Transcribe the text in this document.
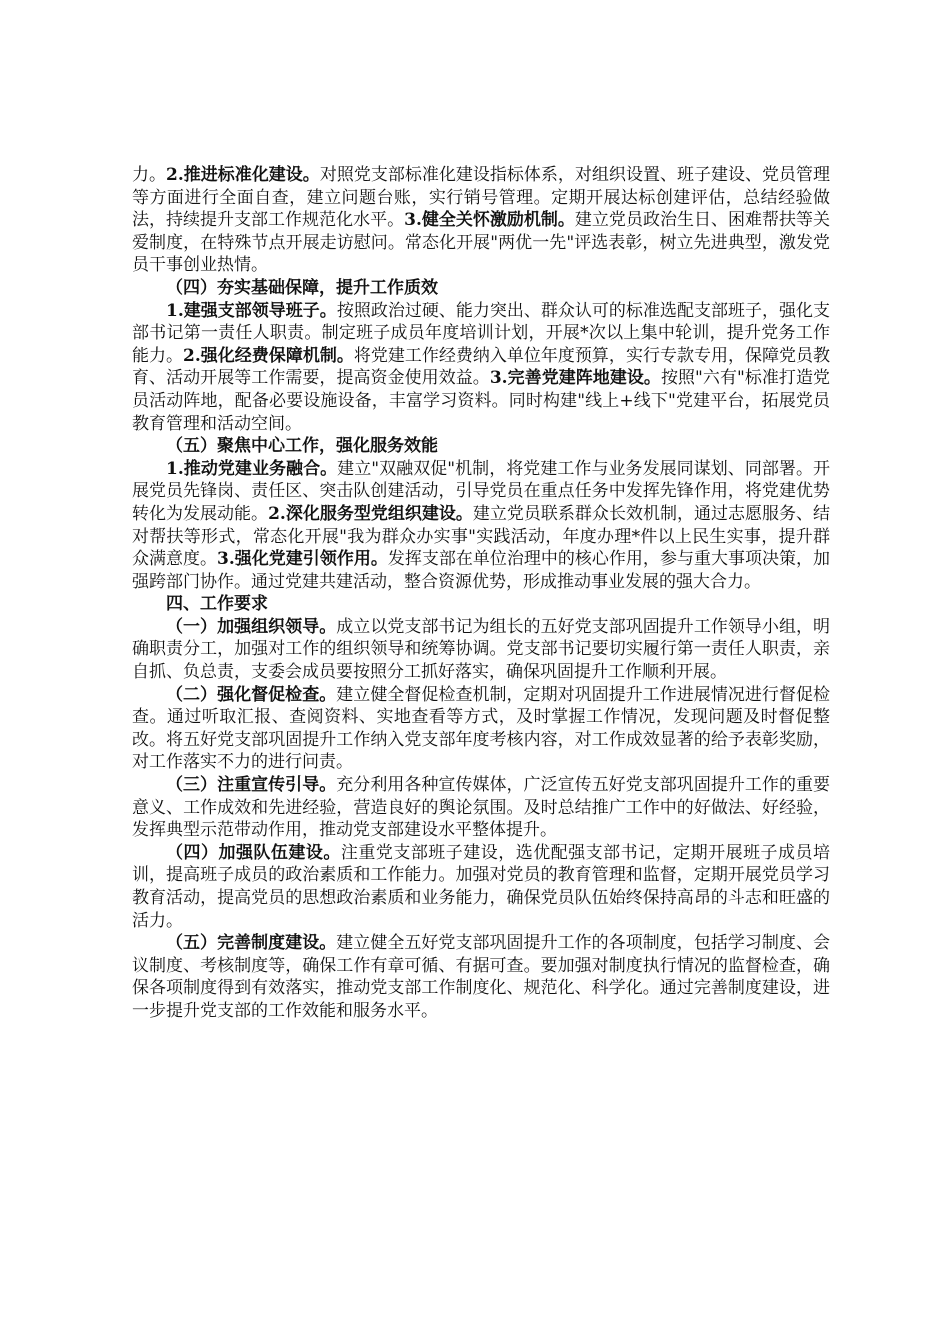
力。2.推进标准化建设。对照党支部标准化建设指标体系，对组织设置、班子建设、党员管理等方面进行全面自查，建立问题台账，实行销号管理。定期开展达标创建评估，总结经验做法，持续提升支部工作规范化水平。3.健全关怀激励机制。建立党员政治生日、困难帮扶等关爱制度，在特殊节点开展走访慰问。常态化开展"两优一先"评选表彰，树立先进典型，激发党员干事创业热情。

（四）夯实基础保障，提升工作质效

1.建强支部领导班子。按照政治过硬、能力突出、群众认可的标准选配支部班子，强化支部书记第一责任人职责。制定班子成员年度培训计划，开展*次以上集中轮训，提升党务工作能力。2.强化经费保障机制。将党建工作经费纳入单位年度预算，实行专款专用，保障党员教育、活动开展等工作需要，提高资金使用效益。3.完善党建阵地建设。按照"六有"标准打造党员活动阵地，配备必要设施设备，丰富学习资料。同时构建"线上+线下"党建平台，拓展党员教育管理和活动空间。

（五）聚焦中心工作，强化服务效能

1.推动党建业务融合。建立"双融双促"机制，将党建工作与业务发展同谋划、同部署。开展党员先锋岗、责任区、突击队创建活动，引导党员在重点任务中发挥先锋作用，将党建优势转化为发展动能。2.深化服务型党组织建设。建立党员联系群众长效机制，通过志愿服务、结对帮扶等形式，常态化开展"我为群众办实事"实践活动，年度办理*件以上民生实事，提升群众满意度。3.强化党建引领作用。发挥支部在单位治理中的核心作用，参与重大事项决策，加强跨部门协作。通过党建共建活动，整合资源优势，形成推动事业发展的强大合力。

四、工作要求

（一）加强组织领导。成立以党支部书记为组长的五好党支部巩固提升工作领导小组，明确职责分工，加强对工作的组织领导和统筹协调。党支部书记要切实履行第一责任人职责，亲自抓、负总责，支委会成员要按照分工抓好落实，确保巩固提升工作顺利开展。

（二）强化督促检查。建立健全督促检查机制，定期对巩固提升工作进展情况进行督促检查。通过听取汇报、查阅资料、实地查看等方式，及时掌握工作情况，发现问题及时督促整改。将五好党支部巩固提升工作纳入党支部年度考核内容，对工作成效显著的给予表彰奖励，对工作落实不力的进行问责。

（三）注重宣传引导。充分利用各种宣传媒体，广泛宣传五好党支部巩固提升工作的重要意义、工作成效和先进经验，营造良好的舆论氛围。及时总结推广工作中的好做法、好经验，发挥典型示范带动作用，推动党支部建设水平整体提升。

（四）加强队伍建设。注重党支部班子建设，选优配强支部书记，定期开展班子成员培训，提高班子成员的政治素质和工作能力。加强对党员的教育管理和监督，定期开展党员学习教育活动，提高党员的思想政治素质和业务能力，确保党员队伍始终保持高昂的斗志和旺盛的活力。

（五）完善制度建设。建立健全五好党支部巩固提升工作的各项制度，包括学习制度、会议制度、考核制度等，确保工作有章可循、有据可查。要加强对制度执行情况的监督检查，确保各项制度得到有效落实，推动党支部工作制度化、规范化、科学化。通过完善制度建设，进一步提升党支部的工作效能和服务水平。
